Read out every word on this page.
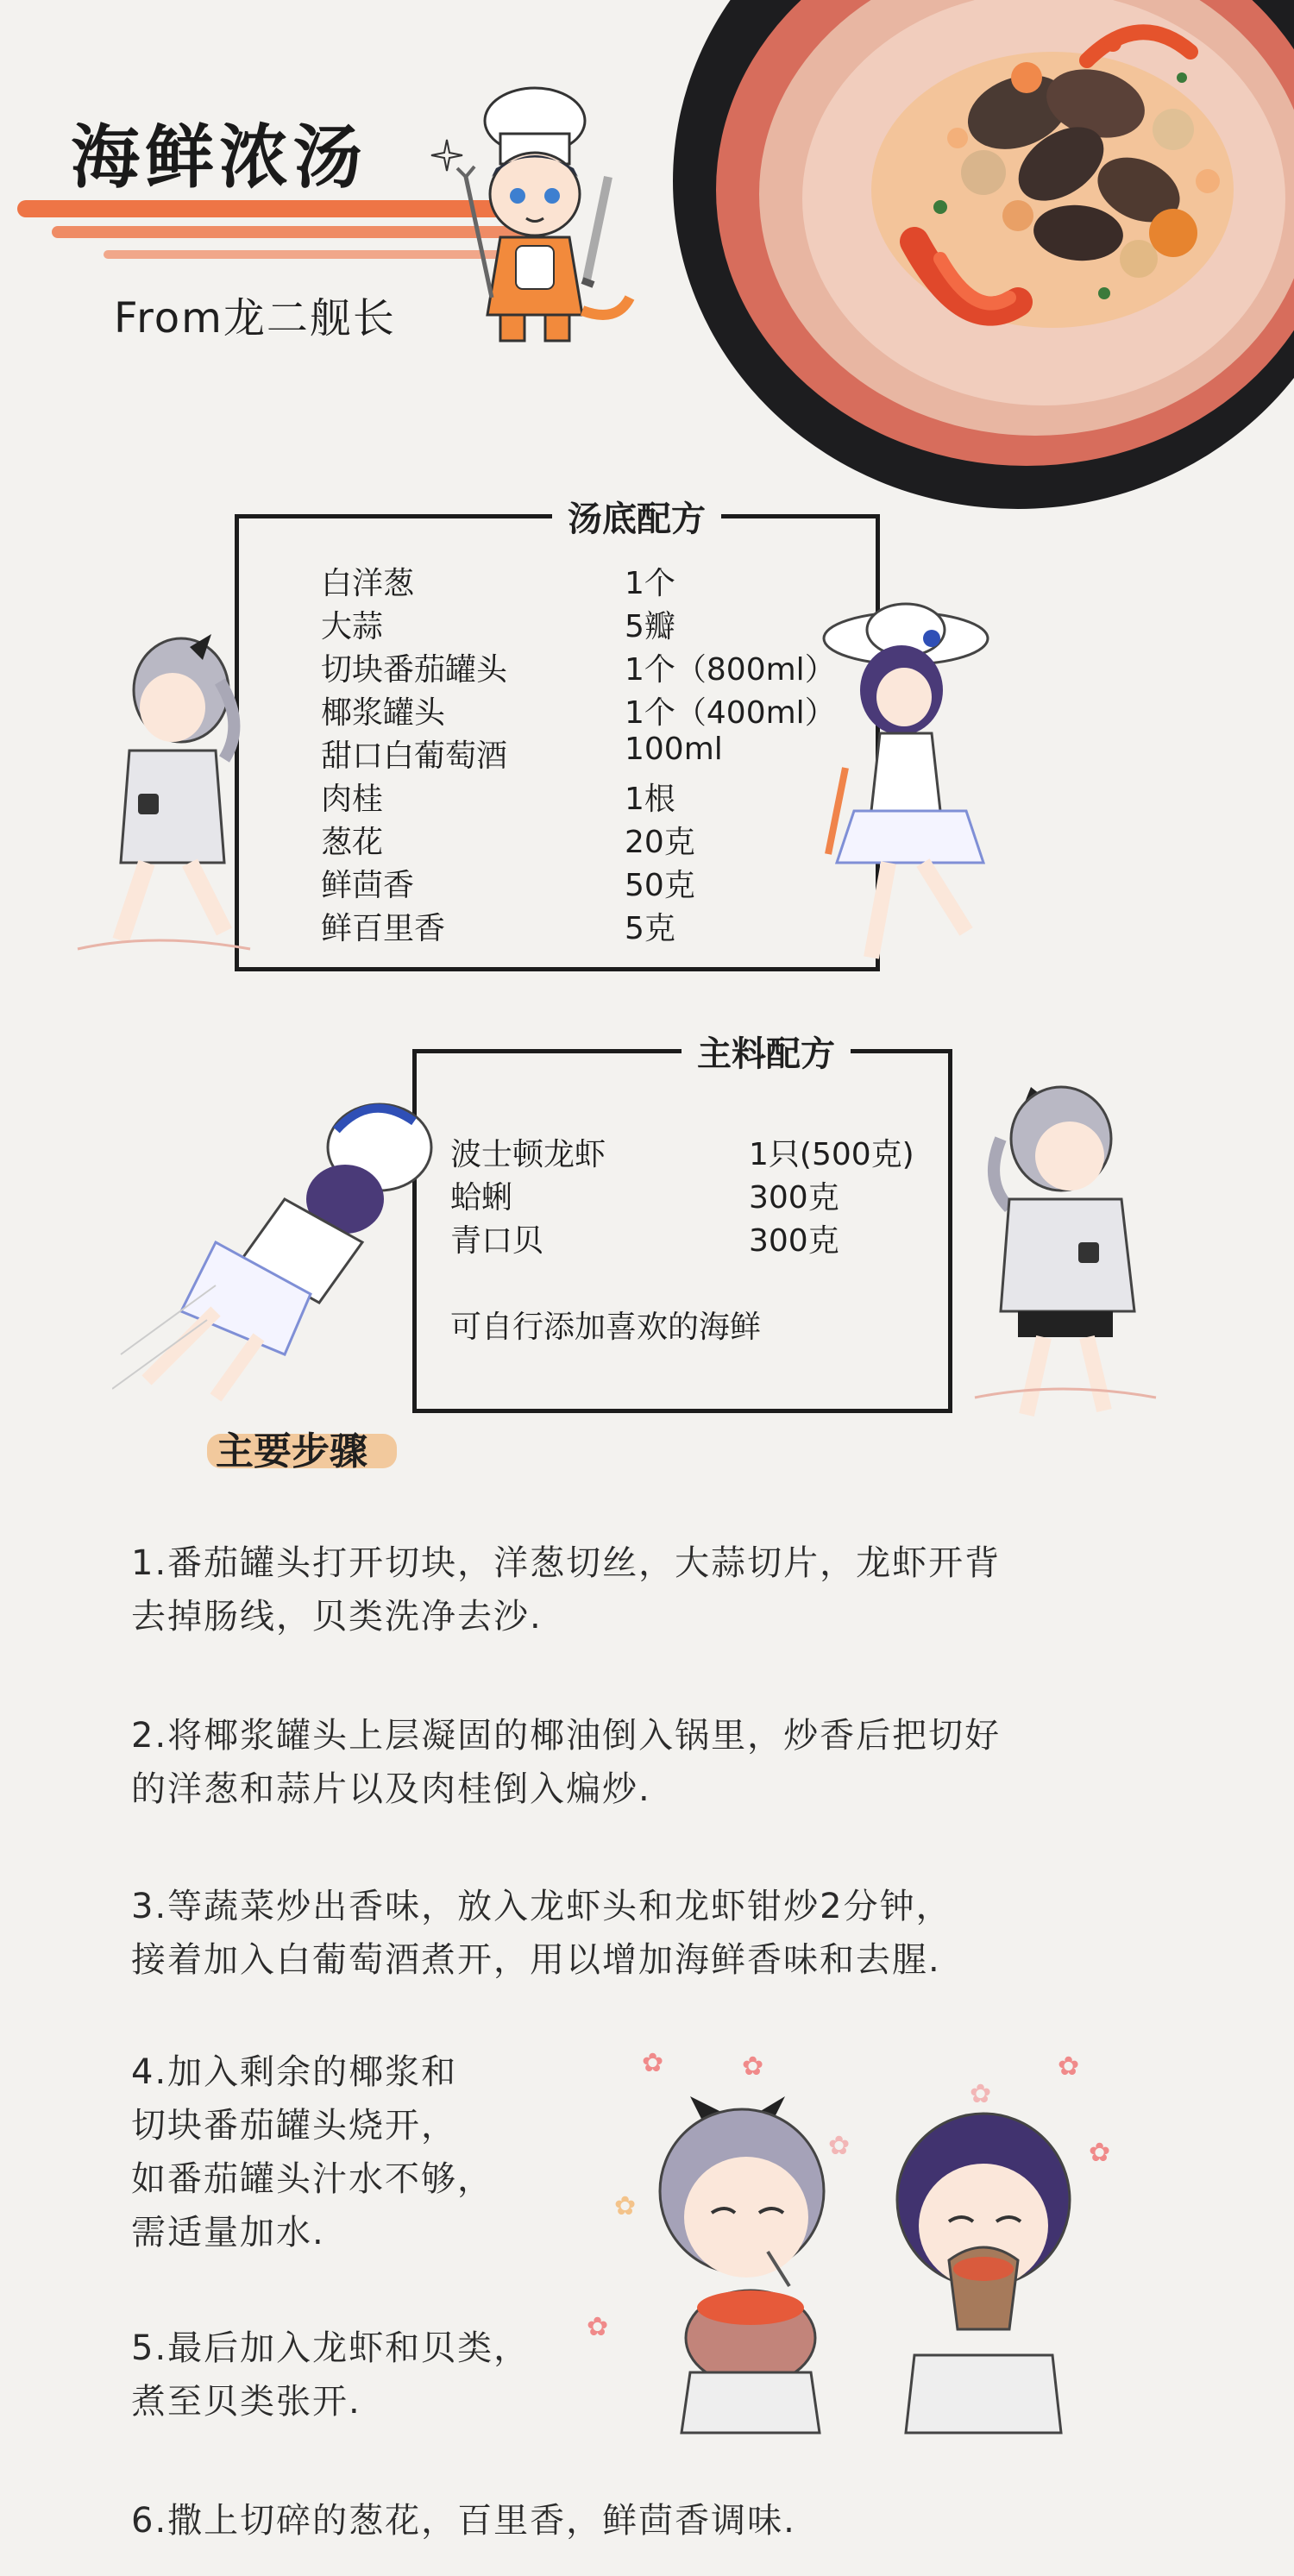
海鲜浓汤
From龙二舰长
汤底配方
白洋葱	1个
大蒜	5瓣
切块番茄罐头	1个（800ml）
椰浆罐头	1个（400ml）
甜口白葡萄酒	100ml
肉桂	1根
葱花	20克
鲜茴香	50克
鲜百里香	5克
主料配方
波士顿龙虾	1只(500克)
蛤蜊	300克
青口贝	300克
可自行添加喜欢的海鲜
主要步骤
1.番茄罐头打开切块，洋葱切丝，大蒜切片，龙虾开背
去掉肠线，贝类洗净去沙.
2.将椰浆罐头上层凝固的椰油倒入锅里，炒香后把切好
的洋葱和蒜片以及肉桂倒入煸炒.
3.等蔬菜炒出香味，放入龙虾头和龙虾钳炒2分钟，
接着加入白葡萄酒煮开，用以增加海鲜香味和去腥.
4.加入剩余的椰浆和
切块番茄罐头烧开，
如番茄罐头汁水不够，
需适量加水.
5.最后加入龙虾和贝类，
煮至贝类张开.
6.撒上切碎的葱花，百里香，鲜茴香调味.
✿	✿	✿
✿
✿
✿
✿
✿
